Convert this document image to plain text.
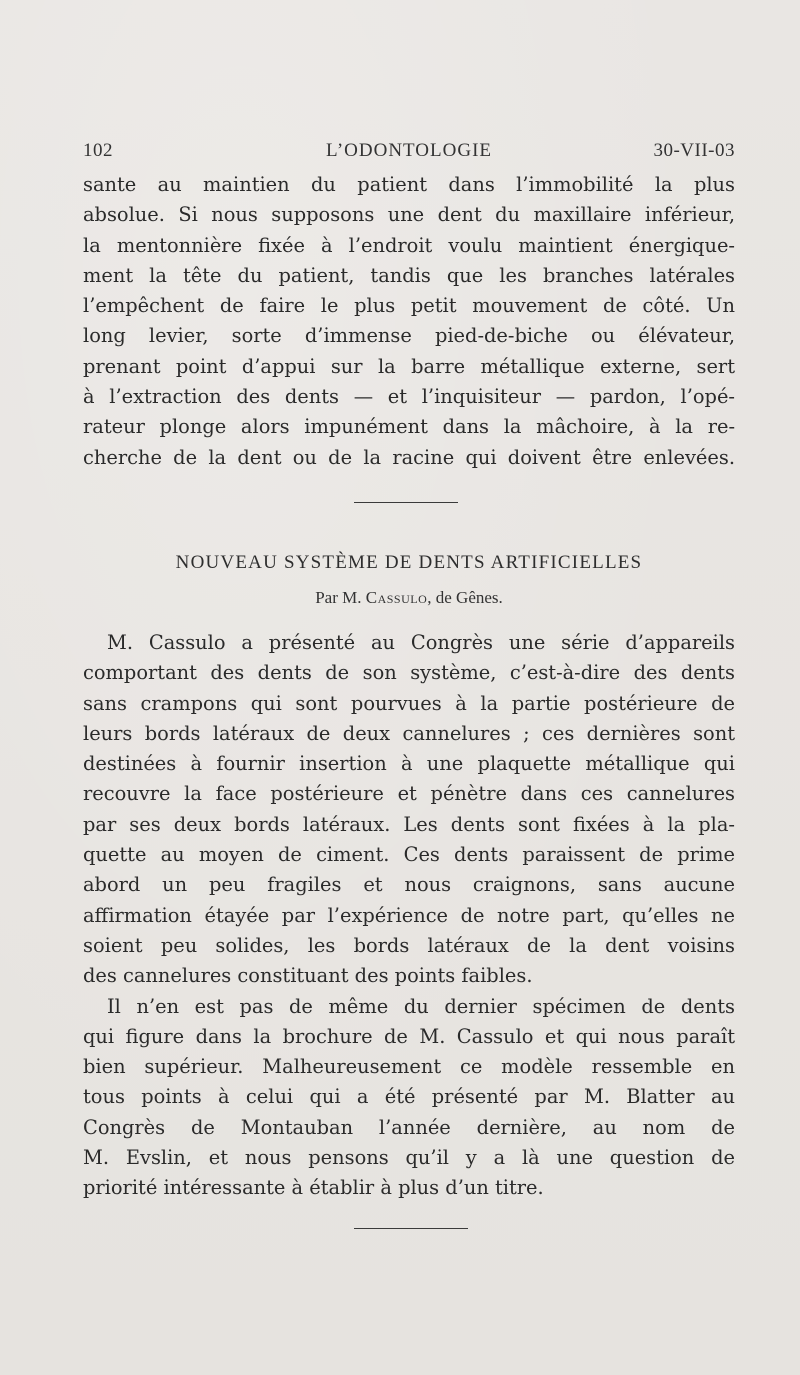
102	L’ODONTOLOGIE	30-VII-03
sante au maintien du patient dans l’immobilité la plus
absolue. Si nous supposons une dent du maxillaire inférieur,
la mentonnière fixée à l’endroit voulu maintient énergique-
ment la tête du patient, tandis que les branches latérales
l’empêchent de faire le plus petit mouvement de côté. Un
long levier, sorte d’immense pied-de-biche ou élévateur,
prenant point d’appui sur la barre métallique externe, sert
à l’extraction des dents — et l’inquisiteur — pardon, l’opé-
rateur plonge alors impunément dans la mâchoire, à la re-
cherche de la dent ou de la racine qui doivent être enlevées.
NOUVEAU SYSTÈME DE DENTS ARTIFICIELLES
Par M. Cassulo, de Gênes.
M. Cassulo a présenté au Congrès une série d’appareils
comportant des dents de son système, c’est-à-dire des dents
sans crampons qui sont pourvues à la partie postérieure de
leurs bords latéraux de deux cannelures ; ces dernières sont
destinées à fournir insertion à une plaquette métallique qui
recouvre la face postérieure et pénètre dans ces cannelures
par ses deux bords latéraux. Les dents sont fixées à la pla-
quette au moyen de ciment. Ces dents paraissent de prime
abord un peu fragiles et nous craignons, sans aucune
affirmation étayée par l’expérience de notre part, qu’elles ne
soient peu solides, les bords latéraux de la dent voisins
des cannelures constituant des points faibles.
Il n’en est pas de même du dernier spécimen de dents
qui figure dans la brochure de M. Cassulo et qui nous paraît
bien supérieur. Malheureusement ce modèle ressemble en
tous points à celui qui a été présenté par M. Blatter au
Congrès de Montauban l’année dernière, au nom de
M. Evslin, et nous pensons qu’il y a là une question de
priorité intéressante à établir à plus d’un titre.
